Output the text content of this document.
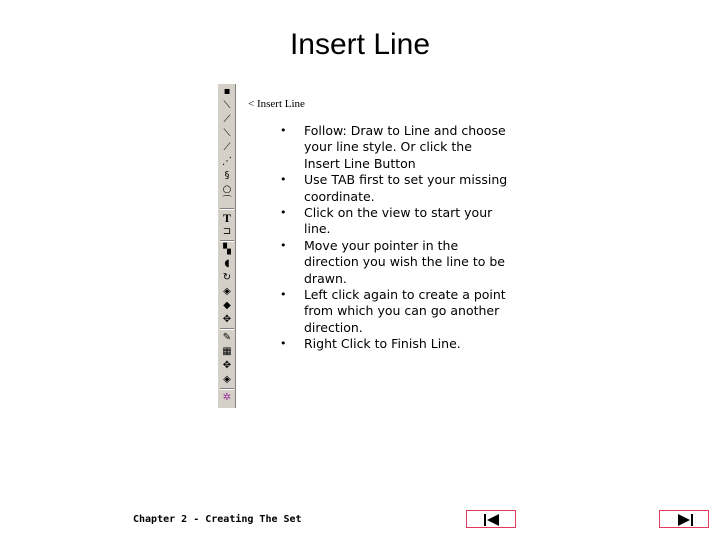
Insert Line
▪
⟍
⟋
⟍
⟋
⋰
§
○
⌒
T
⊐
▚
◖
↻
◈
◆
✥
✎
▦
✥
◈
✲
< Insert Line
• Follow: Draw to Line and choose your line style. Or click the Insert Line Button
• Use TAB first to set your missing coordinate.
• Click on the view to start your line.
• Move your pointer in the direction you wish the line to be drawn.
• Left click again to create a point from which you can go another direction.
• Right Click to Finish Line.
Chapter 2 - Creating The Set
